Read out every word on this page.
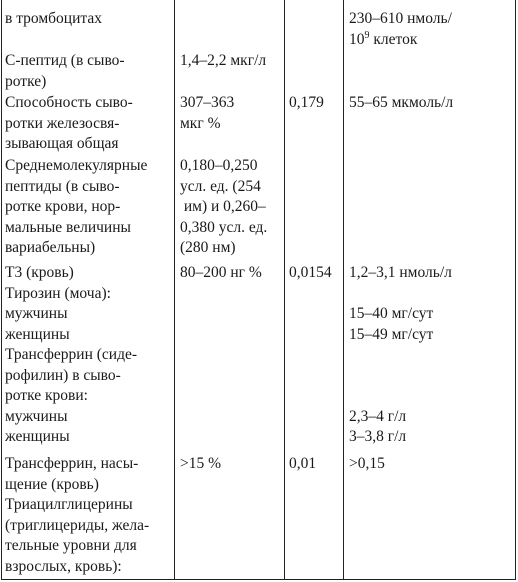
в тромбоцитах	230–610 нмоль/
$10^9$ клеток
С-пептид (в сыво-
ротке)
1,4–2,2 мкг/л
Способность сыво-
ротки железосвя-
зывающая общая
307–363
мкг %
0,179 55–65 мкмоль/л
Среднемолекулярные
пептиды (в сыво-
ротке крови, нор-
мальные величины
вариабельны)
0,180–0,250
усл. ед. (254
им) и 0,260–
0,380 усл. ед.
(280 нм)
Т3 (кровь)
Тирозин (моча):
мужчины
женщины
Трансферрин (сиде-
рофилин) в сыво-
ротке крови:
мужчины
женщины
80–200 нг % 0,0154 1,2–3,1 нмоль/л
15–40 мг/сут
15–49 мг/сут
2,3–4 г/л
3–3,8 г/л
Трансферрин, насы-
щение (кровь)
Триацилглицерины
(триглицериды, жела-
тельные уровни для
взрослых, кровь):
>15 %	0,01 >0,15
